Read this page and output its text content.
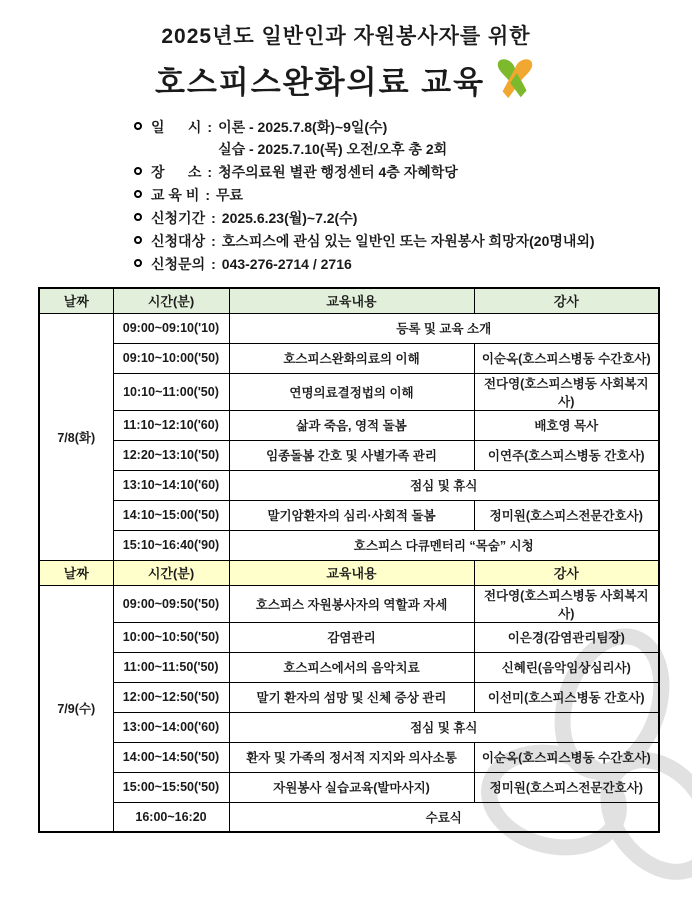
2025년도 일반인과 자원봉사자를 위한
호스피스완화의료 교육
일      시 : 이론 - 2025.7.8(화)~9일(수)
실습 - 2025.7.10(목) 오전/오후 총 2회
장      소 : 청주의료원 별관 행정센터 4층 자혜학당
교 육 비 : 무료
신청기간 : 2025.6.23(월)~7.2(수)
신청대상 : 호스피스에 관심 있는 일반인 또는 자원봉사 희망자(20명내외)
신청문의 : 043-276-2714 / 2716
날짜	시간(분)	교육내용	강사
7/8(화)	09:00~09:10('10)	등록 및 교육 소개	
	09:10~10:00('50)	호스피스완화의료의 이해	이순옥(호스피스병동 수간호사)
	10:10~11:00('50)	연명의료결정법의 이해	전다영(호스피스병동 사회복지사)
	11:10~12:10('60)	삶과 죽음, 영적 돌봄	배호영 목사
	12:20~13:10('50)	임종돌봄 간호 및 사별가족 관리	이연주(호스피스병동 간호사)
	13:10~14:10('60)	점심 및 휴식	
	14:10~15:00('50)	말기암환자의 심리·사회적 돌봄	정미원(호스피스전문간호사)
	15:10~16:40('90)	호스피스 다큐멘터리 “목숨” 시청	
날짜	시간(분)	교육내용	강사
7/9(수)	09:00~09:50('50)	호스피스 자원봉사자의 역할과 자세	전다영(호스피스병동 사회복지사)
	10:00~10:50('50)	감염관리	이은경(감염관리팀장)
	11:00~11:50('50)	호스피스에서의 음악치료	신혜린(음악임상심리사)
	12:00~12:50('50)	말기 환자의 섬망 및 신체 증상 관리	이선미(호스피스병동 간호사)
	13:00~14:00('60)	점심 및 휴식	
	14:00~14:50('50)	환자 및 가족의 정서적 지지와 의사소통	이순옥(호스피스병동 수간호사)
	15:00~15:50('50)	자원봉사 실습교육(발마사지)	정미원(호스피스전문간호사)
	16:00~16:20	수료식	
